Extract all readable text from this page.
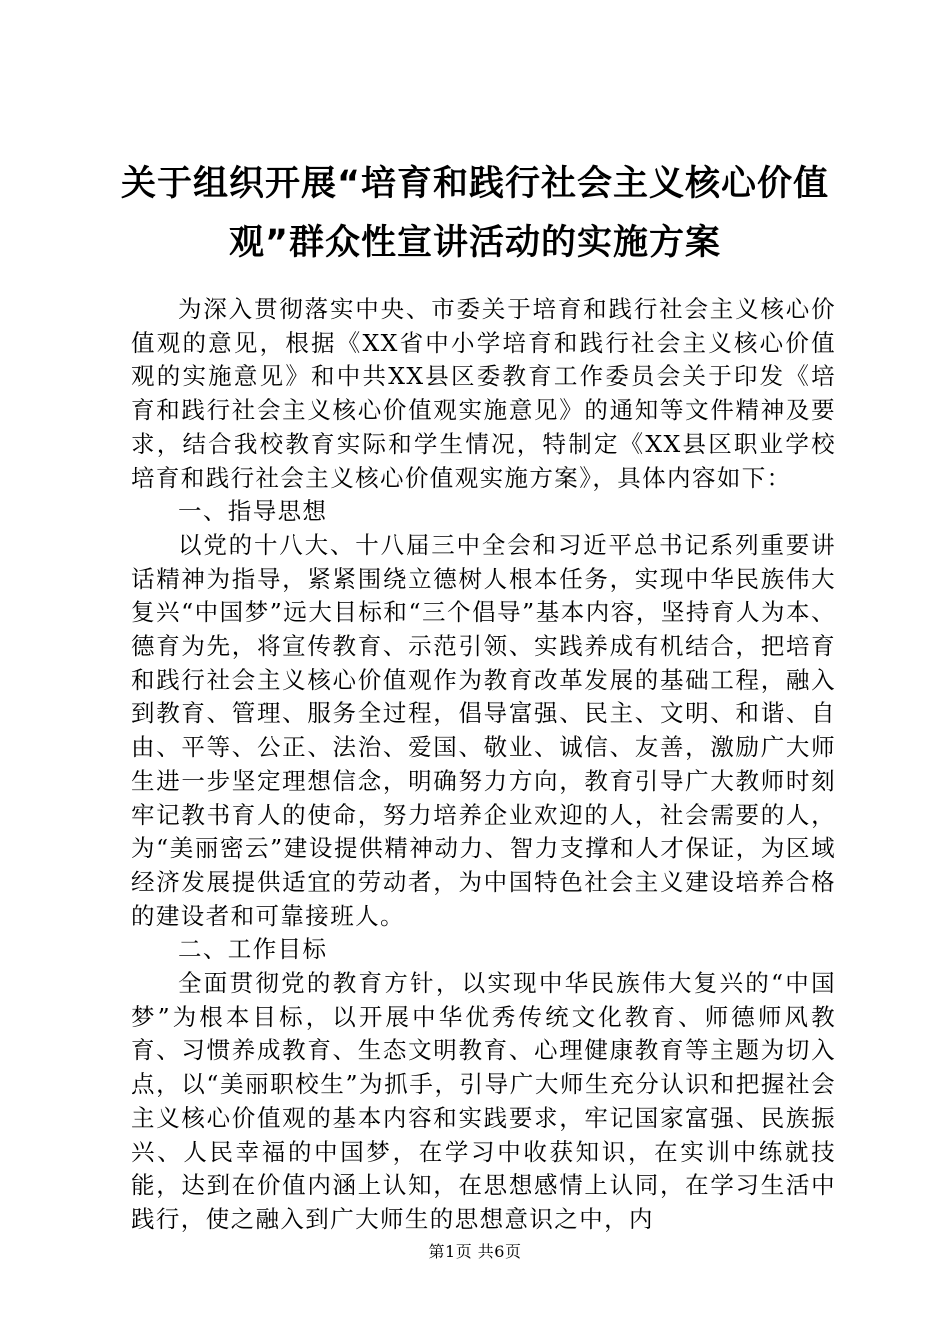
关于组织开展“培育和践行社会主义核心价值
观”群众性宣讲活动的实施方案

为深入贯彻落实中央、市委关于培育和践行社会主义核心价值观的意见，根据《XX省中小学培育和践行社会主义核心价值观的实施意见》和中共XX县区委教育工作委员会关于印发《培育和践行社会主义核心价值观实施意见》的通知等文件精神及要求，结合我校教育实际和学生情况，特制定《XX县区职业学校培育和践行社会主义核心价值观实施方案》，具体内容如下：

一、指导思想

以党的十八大、十八届三中全会和习近平总书记系列重要讲话精神为指导，紧紧围绕立德树人根本任务，实现中华民族伟大复兴“中国梦”远大目标和“三个倡导”基本内容，坚持育人为本、德育为先，将宣传教育、示范引领、实践养成有机结合，把培育和践行社会主义核心价值观作为教育改革发展的基础工程，融入到教育、管理、服务全过程，倡导富强、民主、文明、和谐、自由、平等、公正、法治、爱国、敬业、诚信、友善，激励广大师生进一步坚定理想信念，明确努力方向，教育引导广大教师时刻牢记教书育人的使命，努力培养企业欢迎的人，社会需要的人，为“美丽密云”建设提供精神动力、智力支撑和人才保证，为区域经济发展提供适宜的劳动者，为中国特色社会主义建设培养合格的建设者和可靠接班人。

二、工作目标

全面贯彻党的教育方针，以实现中华民族伟大复兴的“中国梦”为根本目标，以开展中华优秀传统文化教育、师德师风教育、习惯养成教育、生态文明教育、心理健康教育等主题为切入点，以“美丽职校生”为抓手，引导广大师生充分认识和把握社会主义核心价值观的基本内容和实践要求，牢记国家富强、民族振兴、人民幸福的中国梦，在学习中收获知识，在实训中练就技能，达到在价值内涵上认知，在思想感情上认同，在学习生活中践行，使之融入到广大师生的思想意识之中，内

第1页 共6页
